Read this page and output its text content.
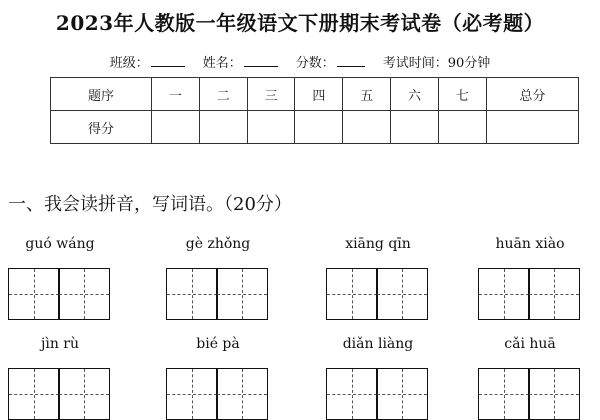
2023年人教版一年级语文下册期末考试卷（必考题）
班级：	姓名：	分数：	考试时间：90分钟
题序	一	二	三	四	五	六	七	总分
得分								
一、我会读拼音，写词语。（20分）
guó wáng	gè zhǒng	xiāng qīn	huān xiào
jìn rù	bié pà	diǎn liàng	cǎi huā
